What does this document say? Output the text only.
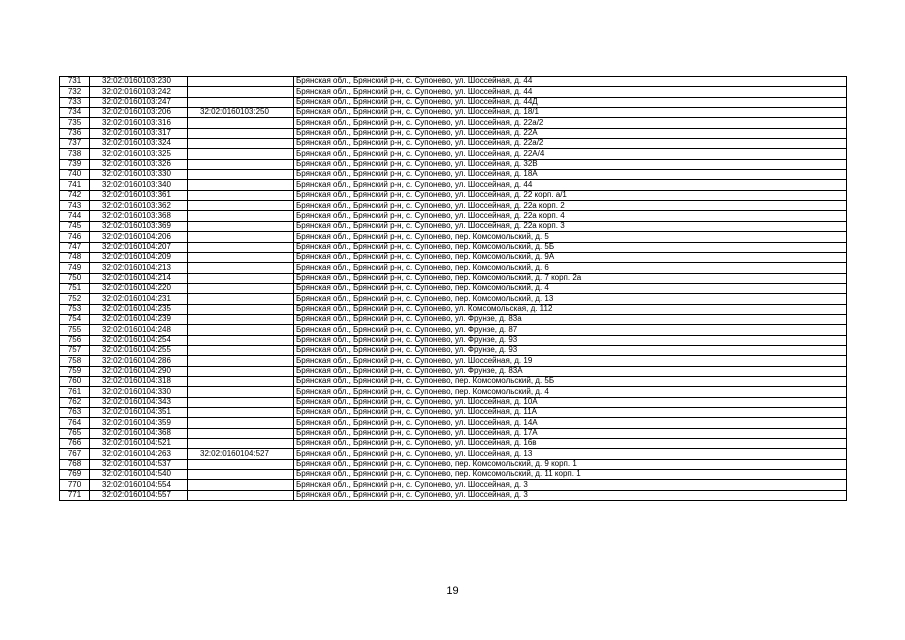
731	32:02:0160103:230		Брянская обл., Брянский р-н, с. Супонево, ул. Шоссейная, д. 44
732	32:02:0160103:242		Брянская обл., Брянский р-н, с. Супонево, ул. Шоссейная, д. 44
733	32:02:0160103:247		Брянская обл., Брянский р-н, с. Супонево, ул. Шоссейная, д. 44Д
734	32:02:0160103:206	32:02:0160103:250	Брянская обл., Брянский р-н, с. Супонево, ул. Шоссейная, д. 18/1
735	32:02:0160103:316		Брянская обл., Брянский р-н, с. Супонево, ул. Шоссейная, д. 22а/2
736	32:02:0160103:317		Брянская обл., Брянский р-н, с. Супонево, ул. Шоссейная, д. 22А
737	32:02:0160103:324		Брянская обл., Брянский р-н, с. Супонево, ул. Шоссейная, д. 22а/2
738	32:02:0160103:325		Брянская обл., Брянский р-н, с. Супонево, ул. Шоссейная, д. 22А/4
739	32:02:0160103:326		Брянская обл., Брянский р-н, с. Супонево, ул. Шоссейная, д. 32В
740	32:02:0160103:330		Брянская обл., Брянский р-н, с. Супонево, ул. Шоссейная, д. 18А
741	32:02:0160103:340		Брянская обл., Брянский р-н, с. Супонево, ул. Шоссейная, д. 44
742	32:02:0160103:361		Брянская обл., Брянский р-н, с. Супонево, ул. Шоссейная, д. 22 корп. а/1
743	32:02:0160103:362		Брянская обл., Брянский р-н, с. Супонево, ул. Шоссейная, д. 22а корп. 2
744	32:02:0160103:368		Брянская обл., Брянский р-н, с. Супонево, ул. Шоссейная, д. 22а корп. 4
745	32:02:0160103:369		Брянская обл., Брянский р-н, с. Супонево, ул. Шоссейная, д. 22а корп. 3
746	32:02:0160104:206		Брянская обл., Брянский р-н, с. Супонево, пер. Комсомольский, д. 5
747	32:02:0160104:207		Брянская обл., Брянский р-н, с. Супонево, пер. Комсомольский, д. 5Б
748	32:02:0160104:209		Брянская обл., Брянский р-н, с. Супонево, пер. Комсомольский, д. 9А
749	32:02:0160104:213		Брянская обл., Брянский р-н, с. Супонево, пер. Комсомольский, д. 6
750	32:02:0160104:214		Брянская обл., Брянский р-н, с. Супонево, пер. Комсомольский, д. 7 корп. 2а
751	32:02:0160104:220		Брянская обл., Брянский р-н, с. Супонево, пер. Комсомольский, д. 4
752	32:02:0160104:231		Брянская обл., Брянский р-н, с. Супонево, пер. Комсомольский, д. 13
753	32:02:0160104:235		Брянская обл., Брянский р-н, с. Супонево, ул. Комсомольская, д. 112
754	32:02:0160104:239		Брянская обл., Брянский р-н, с. Супонево, ул. Фрунзе, д. 83а
755	32:02:0160104:248		Брянская обл., Брянский р-н, с. Супонево, ул. Фрунзе, д. 87
756	32:02:0160104:254		Брянская обл., Брянский р-н, с. Супонево, ул. Фрунзе, д. 93
757	32:02:0160104:255		Брянская обл., Брянский р-н, с. Супонево, ул. Фрунзе, д. 93
758	32:02:0160104:286		Брянская обл., Брянский р-н, с. Супонево, ул. Шоссейная, д. 19
759	32:02:0160104:290		Брянская обл., Брянский р-н, с. Супонево, ул. Фрунзе, д. 83А
760	32:02:0160104:318		Брянская обл., Брянский р-н, с. Супонево, пер. Комсомольский, д. 5Б
761	32:02:0160104:330		Брянская обл., Брянский р-н, с. Супонево, пер. Комсомольский, д. 4
762	32:02:0160104:343		Брянская обл., Брянский р-н, с. Супонево, ул. Шоссейная, д. 10А
763	32:02:0160104:351		Брянская обл., Брянский р-н, с. Супонево, ул. Шоссейная, д. 11А
764	32:02:0160104:359		Брянская обл., Брянский р-н, с. Супонево, ул. Шоссейная, д. 14А
765	32:02:0160104:368		Брянская обл., Брянский р-н, с. Супонево, ул. Шоссейная, д. 17А
766	32:02:0160104:521		Брянская обл., Брянский р-н, с. Супонево, ул. Шоссейная, д. 16в
767	32:02:0160104:263	32:02:0160104:527	Брянская обл., Брянский р-н, с. Супонево, ул. Шоссейная, д. 13
768	32:02:0160104:537		Брянская обл., Брянский р-н, с. Супонево, пер. Комсомольский, д. 9 корп. 1
769	32:02:0160104:540		Брянская обл., Брянский р-н, с. Супонево, пер. Комсомольский, д. 11 корп. 1
770	32:02:0160104:554		Брянская обл., Брянский р-н, с. Супонево, ул. Шоссейная, д. 3
771	32:02:0160104:557		Брянская обл., Брянский р-н, с. Супонево, ул. Шоссейная, д. 3
19
